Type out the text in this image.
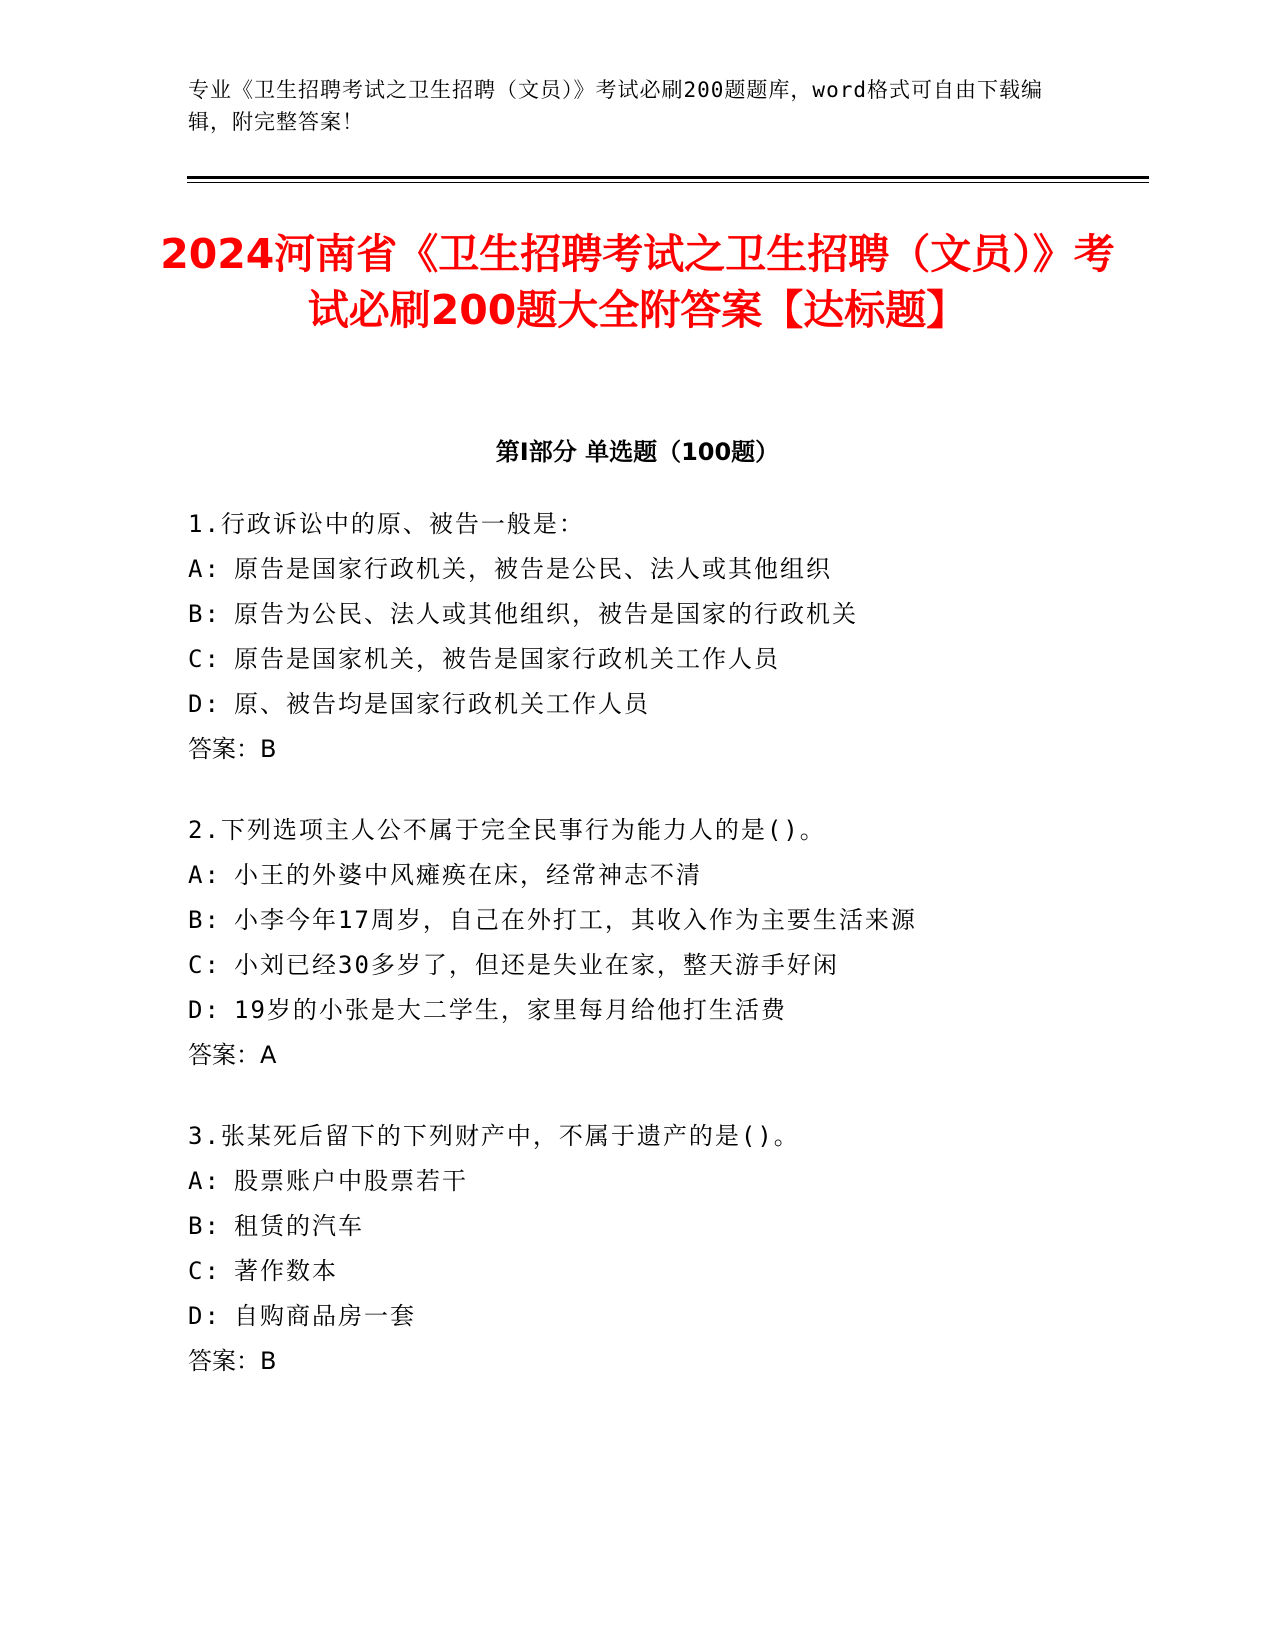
专业《卫生招聘考试之卫生招聘（文员）》考试必刷200题题库，word格式可自由下载编辑，附完整答案！
2024河南省《卫生招聘考试之卫生招聘（文员）》考试必刷200题大全附答案【达标题】
第I部分 单选题（100题）
1.行政诉讼中的原、被告一般是：
A: 原告是国家行政机关，被告是公民、法人或其他组织
B: 原告为公民、法人或其他组织，被告是国家的行政机关
C: 原告是国家机关，被告是国家行政机关工作人员
D: 原、被告均是国家行政机关工作人员
答案：B
2.下列选项主人公不属于完全民事行为能力人的是()。
A: 小王的外婆中风瘫痪在床，经常神志不清
B: 小李今年17周岁，自己在外打工，其收入作为主要生活来源
C: 小刘已经30多岁了，但还是失业在家，整天游手好闲
D: 19岁的小张是大二学生，家里每月给他打生活费
答案：A
3.张某死后留下的下列财产中，不属于遗产的是()。
A: 股票账户中股票若干
B: 租赁的汽车
C: 著作数本
D: 自购商品房一套
答案：B
